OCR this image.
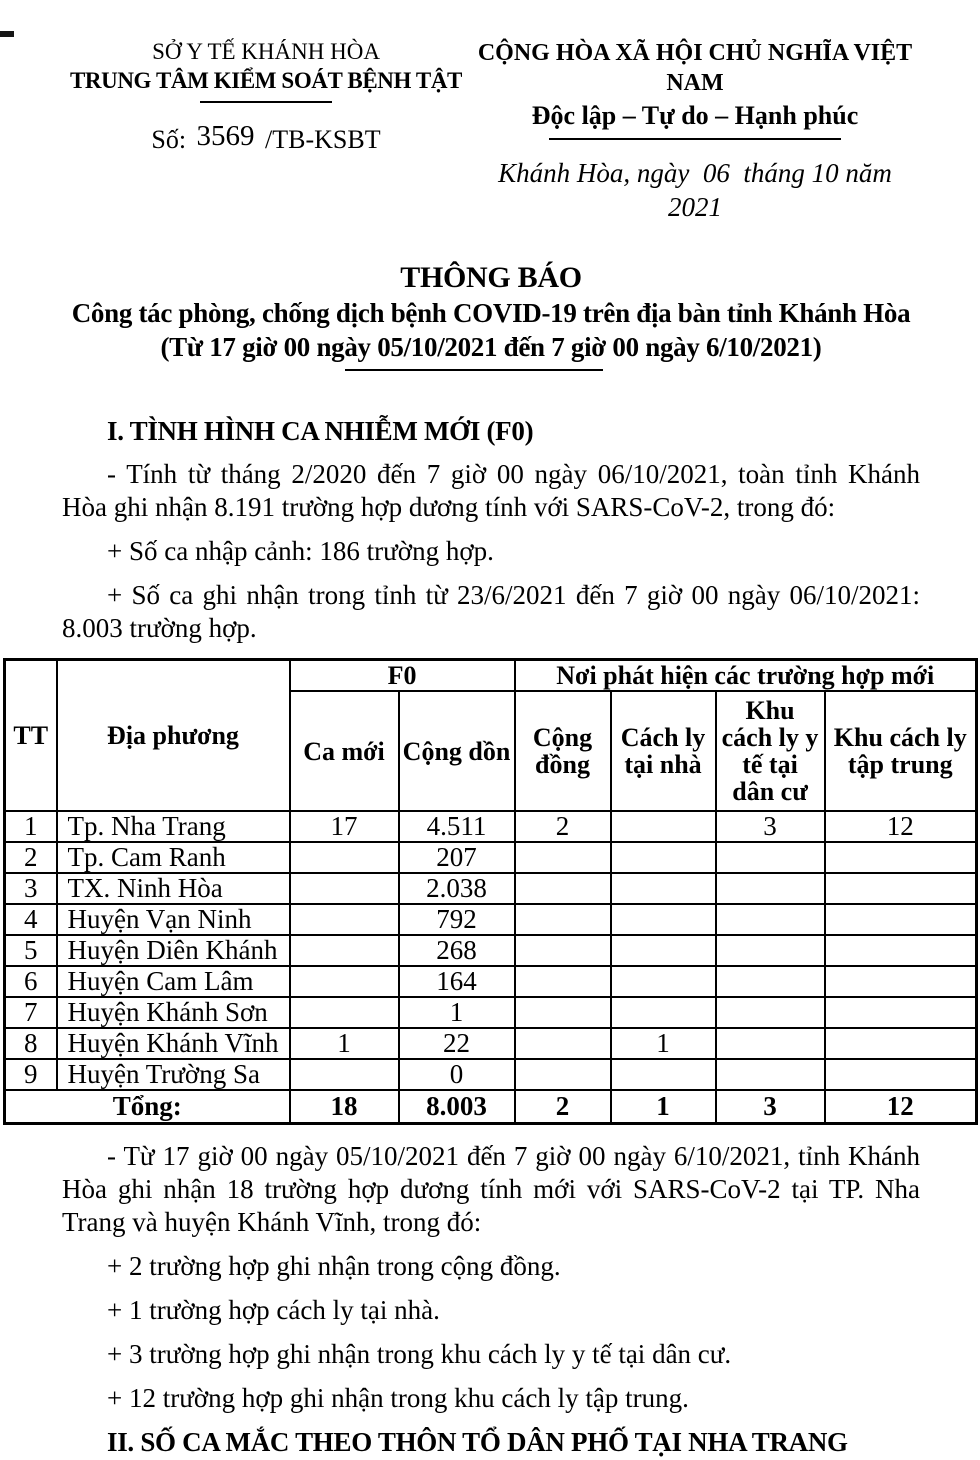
SỞ Y TẾ KHÁNH HÒA
TRUNG TÂM KIỂM SOÁT BỆNH TẬT
Số: 3569 /TB-KSBT
CỘNG HÒA XÃ HỘI CHỦ NGHĨA VIỆT NAM
Độc lập – Tự do – Hạnh phúc
Khánh Hòa, ngày  06  tháng 10 năm 2021
THÔNG BÁO
Công tác phòng, chống dịch bệnh COVID-19 trên địa bàn tỉnh Khánh Hòa
(Từ 17 giờ 00 ngày 05/10/2021 đến 7 giờ 00 ngày 6/10/2021)
I. TÌNH HÌNH CA NHIỄM MỚI (F0)

- Tính từ tháng 2/2020 đến 7 giờ 00 ngày 06/10/2021, toàn tỉnh Khánh Hòa ghi nhận 8.191 trường hợp dương tính với SARS-CoV-2, trong đó:

+ Số ca nhập cảnh: 186 trường hợp.

+ Số ca ghi nhận trong tỉnh từ 23/6/2021 đến 7 giờ 00 ngày 06/10/2021: 8.003 trường hợp.

TT	Địa phương	F0		Nơi phát hiện các trường hợp mới			
		Ca mới	Cộng dồn	Cộng đồng	Cách ly tại nhà	Khu cách ly y tế tại dân cư	Khu cách ly tập trung
1	Tp. Nha Trang	17	4.511	2		3	12
2	Tp. Cam Ranh		207				
3	TX. Ninh Hòa		2.038				
4	Huyện Vạn Ninh		792				
5	Huyện Diên Khánh		268				
6	Huyện Cam Lâm		164				
7	Huyện Khánh Sơn		1				
8	Huyện Khánh Vĩnh	1	22		1		
9	Huyện Trường Sa		0				
Tổng:		18	8.003	2	1	3	12

- Từ 17 giờ 00 ngày 05/10/2021 đến 7 giờ 00 ngày 6/10/2021, tỉnh Khánh Hòa ghi nhận 18 trường hợp dương tính mới với SARS-CoV-2 tại TP. Nha Trang và huyện Khánh Vĩnh, trong đó:

+ 2 trường hợp ghi nhận trong cộng đồng.

+ 1 trường hợp cách ly tại nhà.

+ 3 trường hợp ghi nhận trong khu cách ly y tế tại dân cư.

+ 12 trường hợp ghi nhận trong khu cách ly tập trung.

II. SỐ CA MẮC THEO THÔN TỔ DÂN PHỐ TẠI NHA TRANG
